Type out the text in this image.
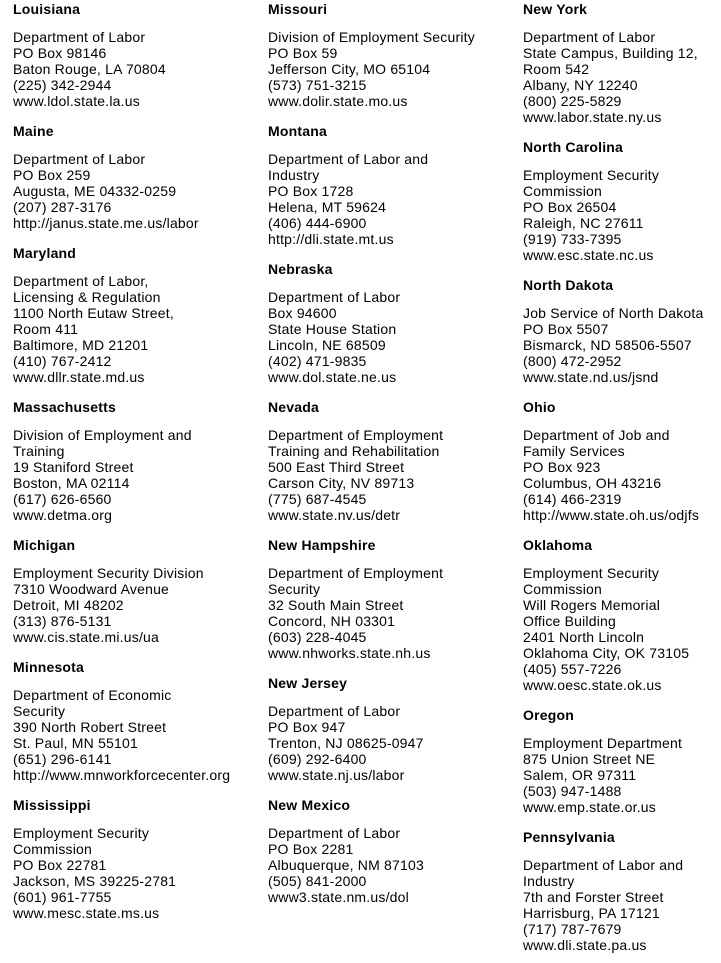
Louisiana
Department of Labor
PO Box 98146
Baton Rouge, LA 70804
(225) 342-2944
www.ldol.state.la.us
Maine
Department of Labor
PO Box 259
Augusta, ME 04332-0259
(207) 287-3176
http://janus.state.me.us/labor
Maryland
Department of Labor,
Licensing & Regulation
1100 North Eutaw Street,
Room 411
Baltimore, MD 21201
(410) 767-2412
www.dllr.state.md.us
Massachusetts
Division of Employment and
Training
19 Staniford Street
Boston, MA 02114
(617) 626-6560
www.detma.org
Michigan
Employment Security Division
7310 Woodward Avenue
Detroit, MI 48202
(313) 876-5131
www.cis.state.mi.us/ua
Minnesota
Department of Economic
Security
390 North Robert Street
St. Paul, MN 55101
(651) 296-6141
http://www.mnworkforcecenter.org
Mississippi
Employment Security
Commission
PO Box 22781
Jackson, MS 39225-2781
(601) 961-7755
www.mesc.state.ms.us
Missouri
Division of Employment Security
PO Box 59
Jefferson City, MO 65104
(573) 751-3215
www.dolir.state.mo.us
Montana
Department of Labor and
Industry
PO Box 1728
Helena, MT 59624
(406) 444-6900
http://dli.state.mt.us
Nebraska
Department of Labor
Box 94600
State House Station
Lincoln, NE 68509
(402) 471-9835
www.dol.state.ne.us
Nevada
Department of Employment
Training and Rehabilitation
500 East Third Street
Carson City, NV 89713
(775) 687-4545
www.state.nv.us/detr
New Hampshire
Department of Employment
Security
32 South Main Street
Concord, NH 03301
(603) 228-4045
www.nhworks.state.nh.us
New Jersey
Department of Labor
PO Box 947
Trenton, NJ 08625-0947
(609) 292-6400
www.state.nj.us/labor
New Mexico
Department of Labor
PO Box 2281
Albuquerque, NM 87103
(505) 841-2000
www3.state.nm.us/dol
New York
Department of Labor
State Campus, Building 12,
Room 542
Albany, NY 12240
(800) 225-5829
www.labor.state.ny.us
North Carolina
Employment Security
Commission
PO Box 26504
Raleigh, NC 27611
(919) 733-7395
www.esc.state.nc.us
North Dakota
Job Service of North Dakota
PO Box 5507
Bismarck, ND 58506-5507
(800) 472-2952
www.state.nd.us/jsnd
Ohio
Department of Job and
Family Services
PO Box 923
Columbus, OH 43216
(614) 466-2319
http://www.state.oh.us/odjfs
Oklahoma
Employment Security
Commission
Will Rogers Memorial
Office Building
2401 North Lincoln
Oklahoma City, OK 73105
(405) 557-7226
www.oesc.state.ok.us
Oregon
Employment Department
875 Union Street NE
Salem, OR 97311
(503) 947-1488
www.emp.state.or.us
Pennsylvania
Department of Labor and
Industry
7th and Forster Street
Harrisburg, PA 17121
(717) 787-7679
www.dli.state.pa.us
